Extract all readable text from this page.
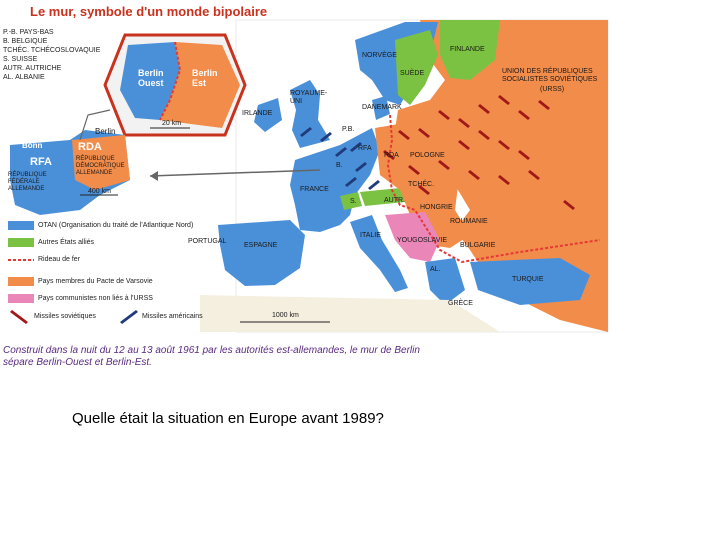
Le mur, symbole d'un monde bipolaire
P.-B. PAYS-BAS
B. BELGIQUE
TCHÉC. TCHÉCOSLOVAQUIE
S. SUISSE
AUTR. AUTRICHE
AL. ALBANIE	Berlin Ouest
Berlin Est
20 km
Berlin
Bonn
RFA
RÉPUBLIQUE FÉDÉRALE ALLEMANDE
RDA
RÉPUBLIQUE DÉMOCRATIQUE ALLEMANDE
400 km
NORVÈGE
SUÈDE
FINLANDE
UNION DES RÉPUBLIQUES SOCIALISTES SOVIÉTIQUES
(URSS)
ROYAUME-UNI
IRLANDE
DANEMARK
P.B.
RFA
RDA POLOGNE
B.
TCHÉC.
FRANCE
S.	AUTR.
HONGRIE
ROUMANIE
PORTUGAL
ESPAGNE
ITALIE
YOUGOSLAVIE
BULGARIE
AL.
TURQUIE
GRÈCE
OTAN (Organisation du traité de l'Atlantique Nord)
Autres États alliés
Rideau de fer
Pays membres du Pacte de Varsovie
Pays communistes non liés à l'URSS
Missiles soviétiques	Missiles américains	1000 km
Construit dans la nuit du 12 au 13 août 1961 par les autorités est-allemandes, le mur de Berlin sépare Berlin-Ouest et Berlin-Est.
Quelle était la situation en Europe avant 1989?
